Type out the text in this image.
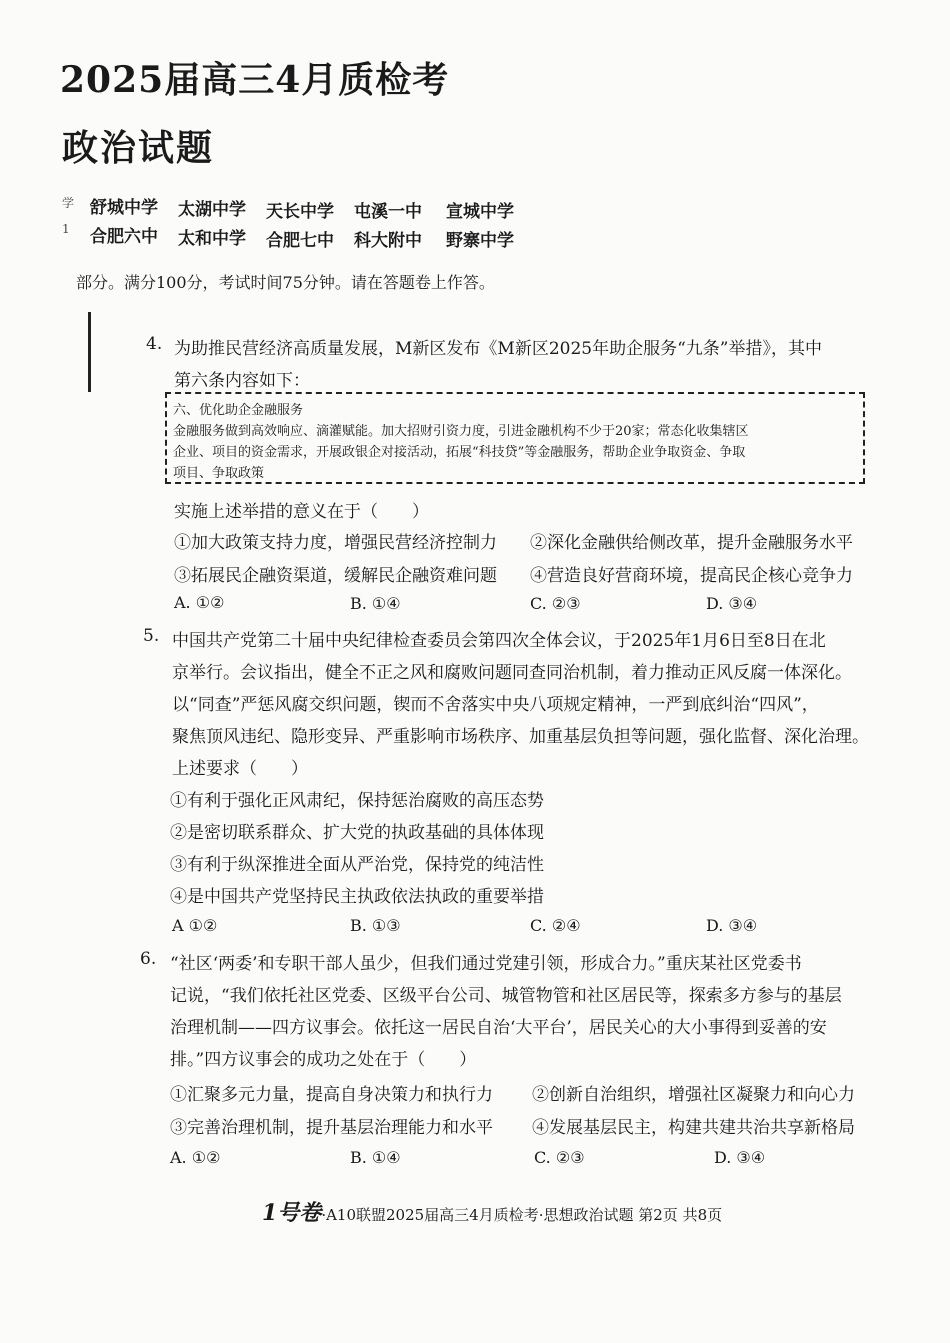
2025届高三4月质检考
政治试题
学
1
舒城中学 太湖中学 天长中学 屯溪一中 宣城中学
合肥六中 太和中学 合肥七中 科大附中 野寨中学
部分。满分100分，考试时间75分钟。请在答题卷上作答。
4. 为助推民营经济高质量发展，M新区发布《M新区2025年助企服务“九条”举措》，其中
第六条内容如下：
六、优化助企金融服务
金融服务做到高效响应、滴灌赋能。加大招财引资力度，引进金融机构不少于20家；常态化收集辖区
企业、项目的资金需求，开展政银企对接活动，拓展“科技贷”等金融服务，帮助企业争取资金、争取
项目、争取政策
实施上述举措的意义在于（　　）
①加大政策支持力度，增强民营经济控制力 ②深化金融供给侧改革，提升金融服务水平
③拓展民企融资渠道，缓解民企融资难问题 ④营造良好营商环境，提高民企核心竞争力
A. ①②	B. ①④	C. ②③	D. ③④
5. 中国共产党第二十届中央纪律检查委员会第四次全体会议，于2025年1月6日至8日在北
京举行。会议指出，健全不正之风和腐败问题同查同治机制，着力推动正风反腐一体深化。
以“同查”严惩风腐交织问题，锲而不舍落实中央八项规定精神，一严到底纠治“四风”，
聚焦顶风违纪、隐形变异、严重影响市场秩序、加重基层负担等问题，强化监督、深化治理。
上述要求（　　）
①有利于强化正风肃纪，保持惩治腐败的高压态势
②是密切联系群众、扩大党的执政基础的具体体现
③有利于纵深推进全面从严治党，保持党的纯洁性
④是中国共产党坚持民主执政依法执政的重要举措
A ①②	B. ①③	C. ②④	D. ③④
6. “社区‘两委’和专职干部人虽少，但我们通过党建引领，形成合力。”重庆某社区党委书
记说，“我们依托社区党委、区级平台公司、城管物管和社区居民等，探索多方参与的基层
治理机制——四方议事会。依托这一居民自治‘大平台’，居民关心的大小事得到妥善的安
排。”四方议事会的成功之处在于（　　）
①汇聚多元力量，提高自身决策力和执行力 ②创新自治组织，增强社区凝聚力和向心力
③完善治理机制，提升基层治理能力和水平 ④发展基层民主，构建共建共治共享新格局
A. ①②	B. ①④	C. ②③	D. ③④
1号卷·A10联盟2025届高三4月质检考·思想政治试题 第2页 共8页
